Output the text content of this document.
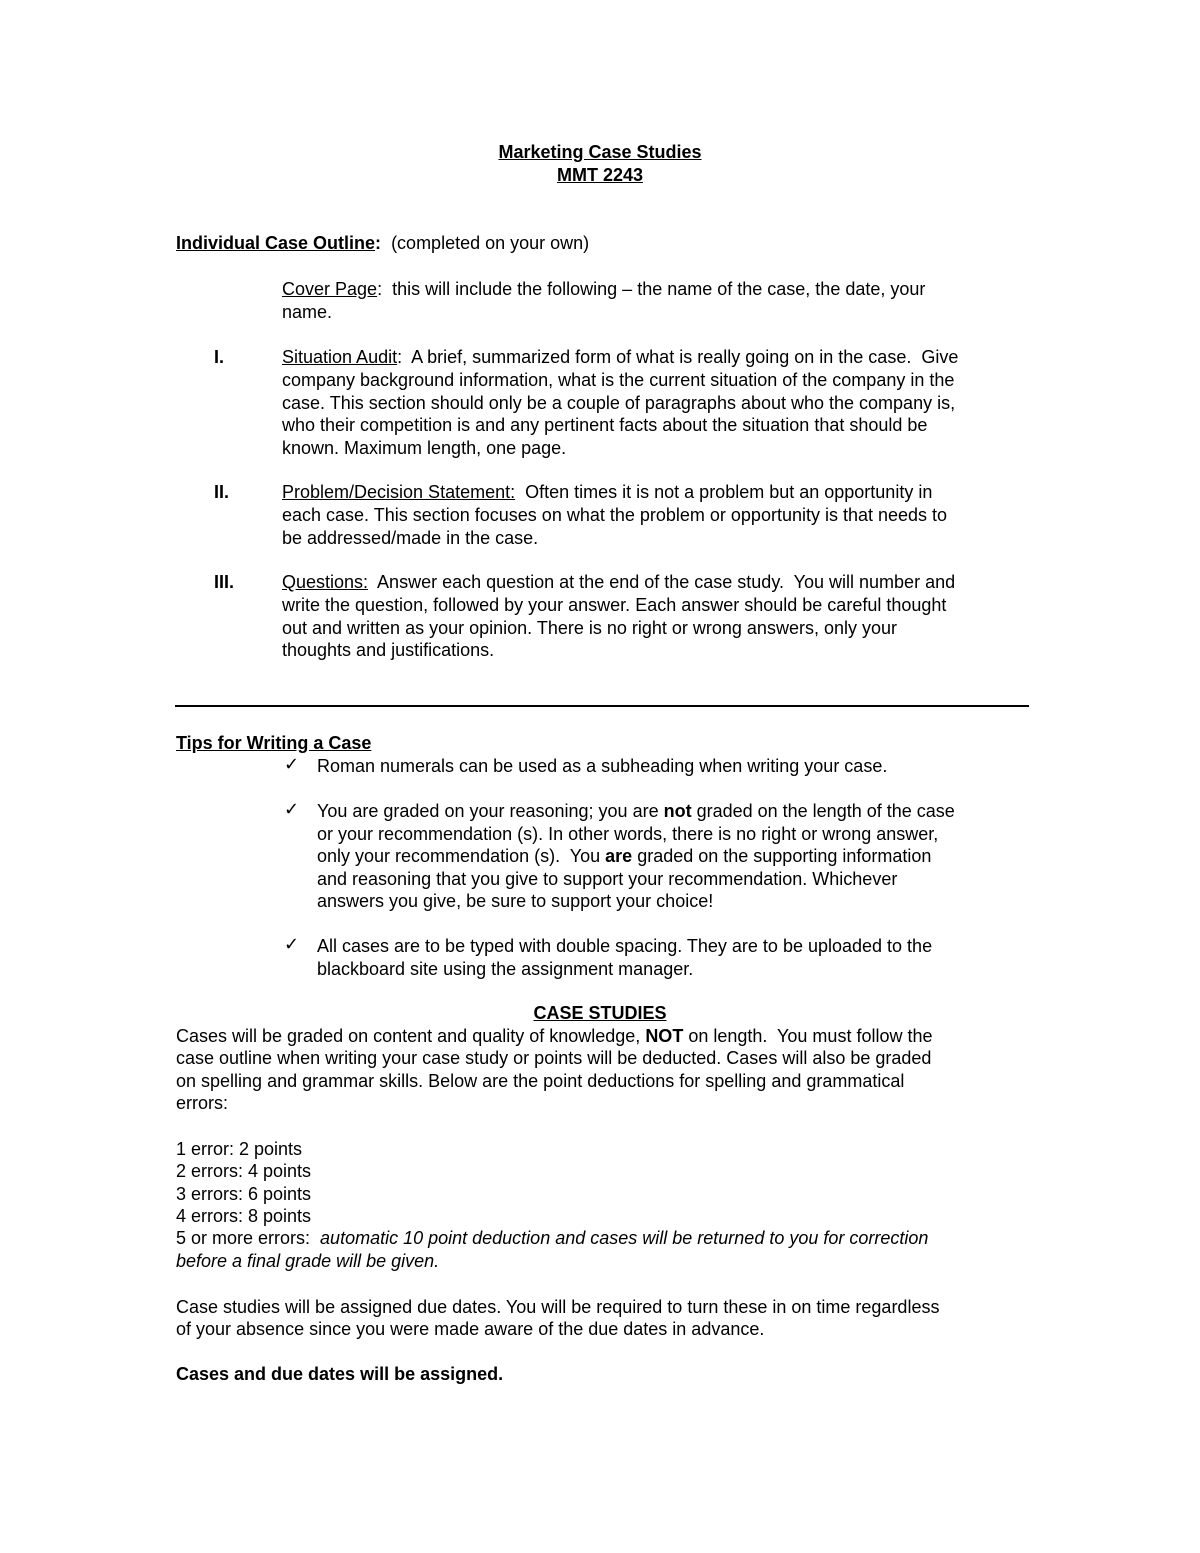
Marketing Case Studies
MMT 2243
Individual Case Outline: (completed on your own)
Cover Page:  this will include the following – the name of the case, the date, your
name.
I.	Situation Audit:  A brief, summarized form of what is really going on in the case.  Give
company background information, what is the current situation of the company in the
case. This section should only be a couple of paragraphs about who the company is,
who their competition is and any pertinent facts about the situation that should be
known. Maximum length, one page.
II.	Problem/Decision Statement:  Often times it is not a problem but an opportunity in
each case. This section focuses on what the problem or opportunity is that needs to
be addressed/made in the case.
III.	Questions:  Answer each question at the end of the case study.  You will number and
write the question, followed by your answer. Each answer should be careful thought
out and written as your opinion. There is no right or wrong answers, only your
thoughts and justifications.
Tips for Writing a Case
✓ Roman numerals can be used as a subheading when writing your case.
✓ You are graded on your reasoning; you are not graded on the length of the case
or your recommendation (s). In other words, there is no right or wrong answer,
only your recommendation (s).  You are graded on the supporting information
and reasoning that you give to support your recommendation. Whichever
answers you give, be sure to support your choice!
✓ All cases are to be typed with double spacing. They are to be uploaded to the
blackboard site using the assignment manager.
CASE STUDIES
Cases will be graded on content and quality of knowledge, NOT on length.  You must follow the
case outline when writing your case study or points will be deducted. Cases will also be graded
on spelling and grammar skills. Below are the point deductions for spelling and grammatical
errors:
1 error: 2 points
2 errors: 4 points
3 errors: 6 points
4 errors: 8 points
5 or more errors:  automatic 10 point deduction and cases will be returned to you for correction
before a final grade will be given.
Case studies will be assigned due dates. You will be required to turn these in on time regardless
of your absence since you were made aware of the due dates in advance.
Cases and due dates will be assigned.
